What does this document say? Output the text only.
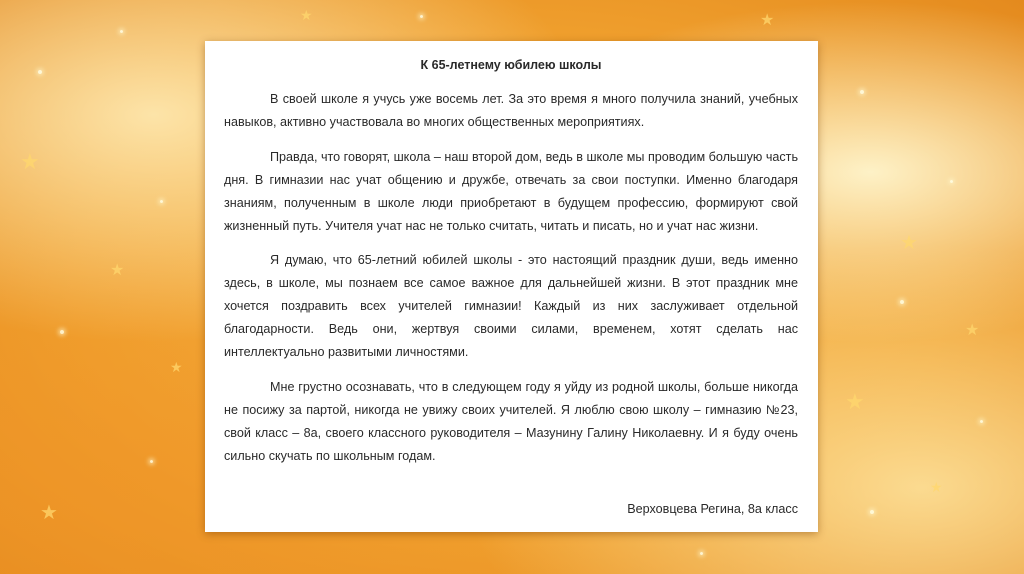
★
★
★
★
★
★
★
★
★	★
К 65-летнему юбилею школы

В своей школе я учусь уже восемь лет. За это время я много получила знаний, учебных навыков, активно участвовала во многих общественных мероприятиях.

Правда, что говорят, школа – наш второй дом, ведь в школе мы проводим большую часть дня. В гимназии нас учат общению и дружбе, отвечать за свои поступки. Именно благодаря знаниям, полученным в школе люди приобретают в будущем профессию, формируют свой жизненный путь. Учителя учат нас не только считать, читать и писать, но и учат нас жизни.

Я думаю, что 65-летний юбилей школы - это настоящий праздник души, ведь именно здесь, в школе, мы познаем все самое важное для дальнейшей жизни. В этот праздник мне хочется поздравить всех учителей гимназии! Каждый из них заслуживает отдельной благодарности. Ведь они, жертвуя своими силами, временем, хотят сделать нас интеллектуально развитыми личностями.

Мне грустно осознавать, что в следующем году я уйду из родной школы, больше никогда не посижу за партой, никогда не увижу своих учителей. Я люблю свою школу – гимназию №23, свой класс – 8а, своего классного руководителя – Мазунину Галину Николаевну. И я буду очень сильно скучать по школьным годам.

Верховцева Регина, 8а класс
